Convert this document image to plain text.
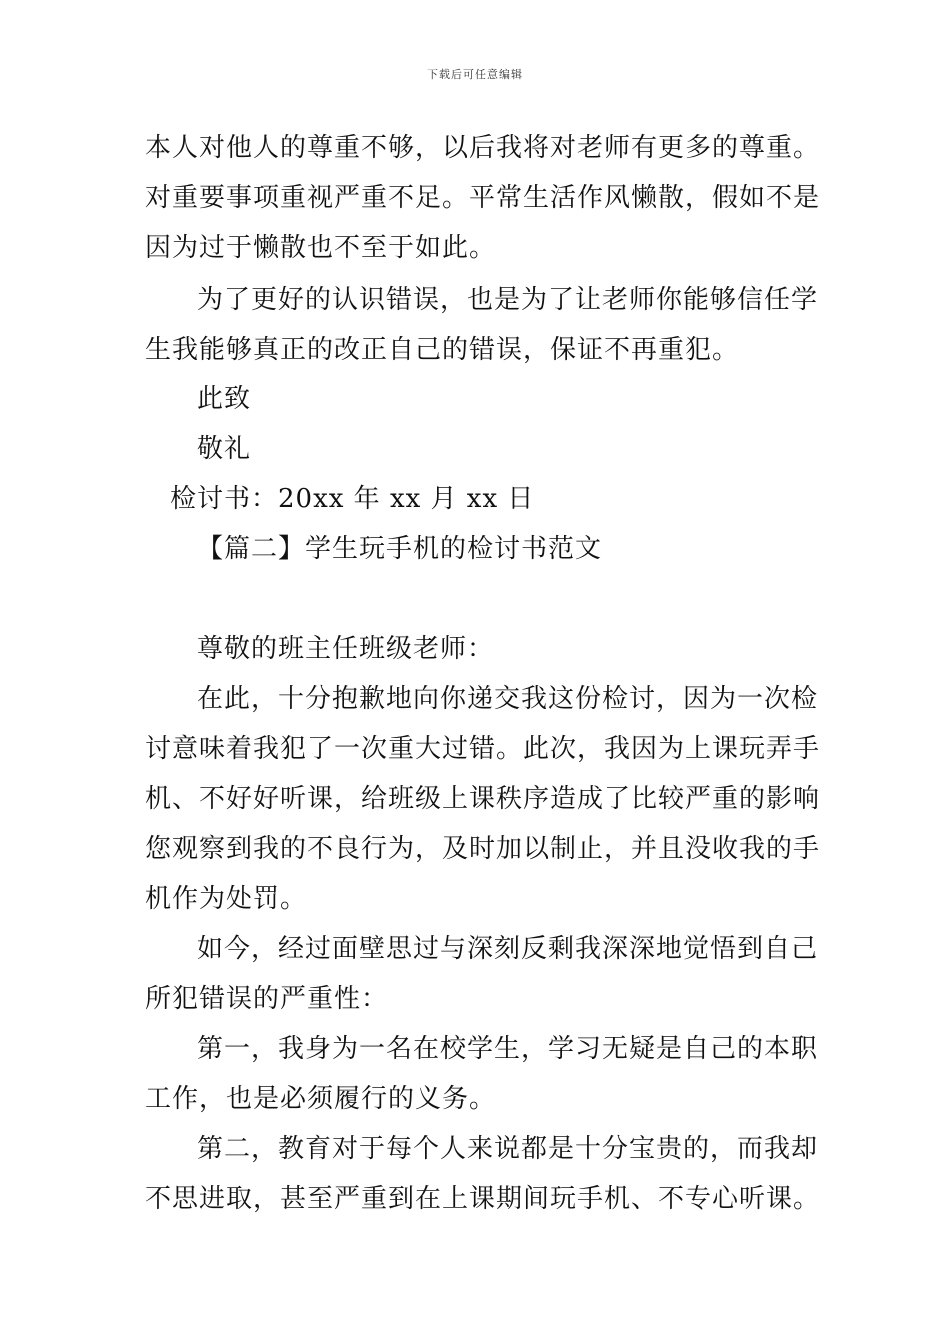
下载后可任意编辑
本人对他人的尊重不够，以后我将对老师有更多的尊重。
对重要事项重视严重不足。平常生活作风懒散，假如不是
因为过于懒散也不至于如此。
为了更好的认识错误，也是为了让老师你能够信任学
生我能够真正的改正自己的错误，保证不再重犯。
此致
敬礼
检讨书：20xx 年 xx 月 xx 日
【篇二】学生玩手机的检讨书范文
尊敬的班主任班级老师：
在此，十分抱歉地向你递交我这份检讨，因为一次检
讨意味着我犯了一次重大过错。此次，我因为上课玩弄手
机、不好好听课，给班级上课秩序造成了比较严重的影响
您观察到我的不良行为，及时加以制止，并且没收我的手
机作为处罚。
如今，经过面壁思过与深刻反剩我深深地觉悟到自己
所犯错误的严重性：
第一，我身为一名在校学生，学习无疑是自己的本职
工作，也是必须履行的义务。
第二，教育对于每个人来说都是十分宝贵的，而我却
不思进取，甚至严重到在上课期间玩手机、不专心听课。
